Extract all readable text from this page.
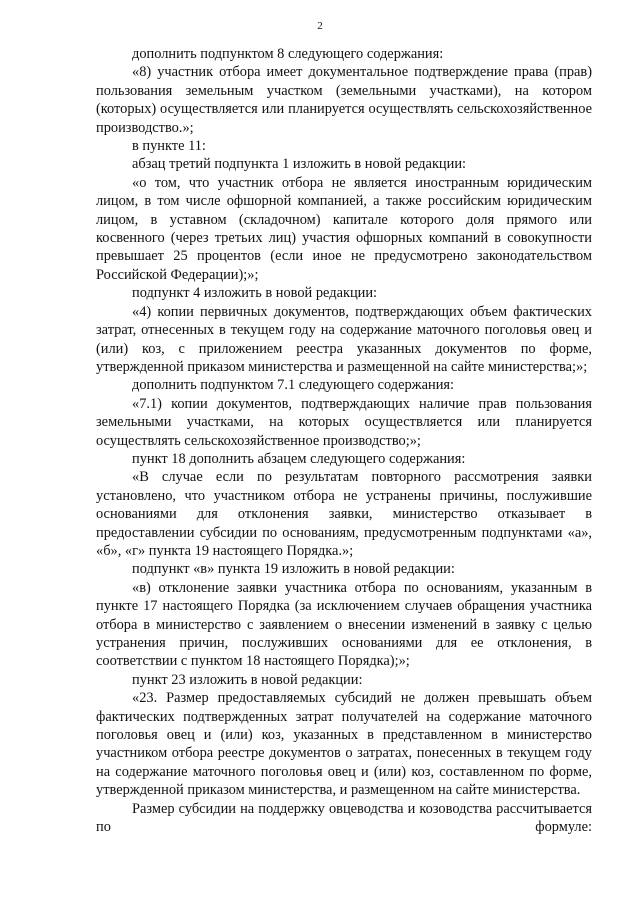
2

дополнить подпунктом 8 следующего содержания:

«8) участник отбора имеет документальное подтверждение права (прав) пользования земельным участком (земельными участками), на котором (которых) осуществляется или планируется осуществлять сельскохозяйственное производство.»;

в пункте 11:

абзац третий подпункта 1 изложить в новой редакции:

«о том, что участник отбора не является иностранным юридическим лицом, в том числе офшорной компанией, а также российским юридическим лицом, в уставном (складочном) капитале которого доля прямого или косвенного (через третьих лиц) участия офшорных компаний в совокупности превышает 25 процентов (если иное не предусмотрено законодательством Российской Федерации);»;

подпункт 4 изложить в новой редакции:

«4) копии первичных документов, подтверждающих объем фактических затрат, отнесенных в текущем году на содержание маточного поголовья овец и (или) коз, с приложением реестра указанных документов по форме, утвержденной приказом министерства и размещенной на сайте министерства;»;

дополнить подпунктом 7.1 следующего содержания:

«7.1) копии документов, подтверждающих наличие прав пользования земельными участками, на которых осуществляется или планируется осуществлять сельскохозяйственное производство;»;

пункт 18 дополнить абзацем следующего содержания:

«В случае если по результатам повторного рассмотрения заявки установлено, что участником отбора не устранены причины, послужившие основаниями для отклонения заявки, министерство отказывает в предоставлении субсидии по основаниям, предусмотренным подпунктами «а», «б», «г» пункта 19 настоящего Порядка.»;

подпункт «в» пункта 19 изложить в новой редакции:

«в) отклонение заявки участника отбора по основаниям, указанным в пункте 17 настоящего Порядка (за исключением случаев обращения участника отбора в министерство с заявлением о внесении изменений в заявку с целью устранения причин, послуживших основаниями для ее отклонения, в соответствии с пунктом 18 настоящего Порядка);»;

пункт 23 изложить в новой редакции:

«23. Размер предоставляемых субсидий не должен превышать объем фактических подтвержденных затрат получателей на содержание маточного поголовья овец и (или) коз, указанных в представленном в министерство участником отбора реестре документов о затратах, понесенных в текущем году на содержание маточного поголовья овец и (или) коз, составленном по форме, утвержденной приказом министерства, и размещенном на сайте министерства.

Размер субсидии на поддержку овцеводства и козоводства рассчитывается по формуле:
